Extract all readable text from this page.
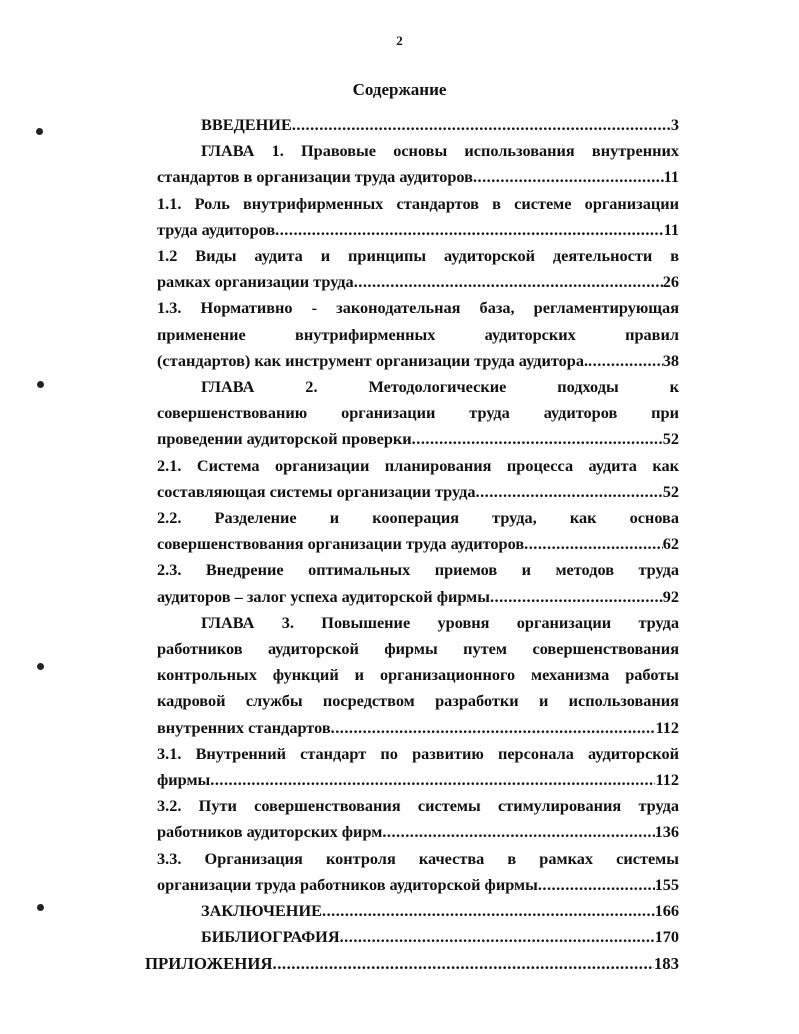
2
Содержание
ВВЕДЕНИЕ .....	3
ГЛАВА 1. Правовые основы использования внутренних
стандартов в организации труда аудиторов .....	11
1.1. Роль внутрифирменных стандартов в системе организации
труда аудиторов .....	11
1.2 Виды аудита и принципы аудиторской деятельности в
рамках организации труда .....	26
1.3. Нормативно - законодательная база, регламентирующая
применение внутрифирменных аудиторских правил
(стандартов) как инструмент организации труда аудитора. .....	38
ГЛАВА 2. Методологические подходы к
совершенствованию организации труда аудиторов при
проведении аудиторской проверки .....	52
2.1. Система организации планирования процесса аудита как
составляющая системы организации труда .....	52
2.2. Разделение и кооперация труда, как основа
совершенствования организации труда аудиторов .....	62
2.3. Внедрение оптимальных приемов и методов труда
аудиторов – залог успеха аудиторской фирмы .....	92
ГЛАВА 3. Повышение уровня организации труда
работников аудиторской фирмы путем совершенствования
контрольных функций и организационного механизма работы
кадровой службы посредством разработки и использования
внутренних стандартов .....	112
3.1. Внутренний стандарт по развитию персонала аудиторской
фирмы .....	112
3.2. Пути совершенствования системы стимулирования труда
работников аудиторских фирм .....	136
3.3. Организация контроля качества в рамках системы
организации труда работников аудиторской фирмы .....	155
ЗАКЛЮЧЕНИЕ .....	166
БИБЛИОГРАФИЯ .....	170
ПРИЛОЖЕНИЯ .....	183
